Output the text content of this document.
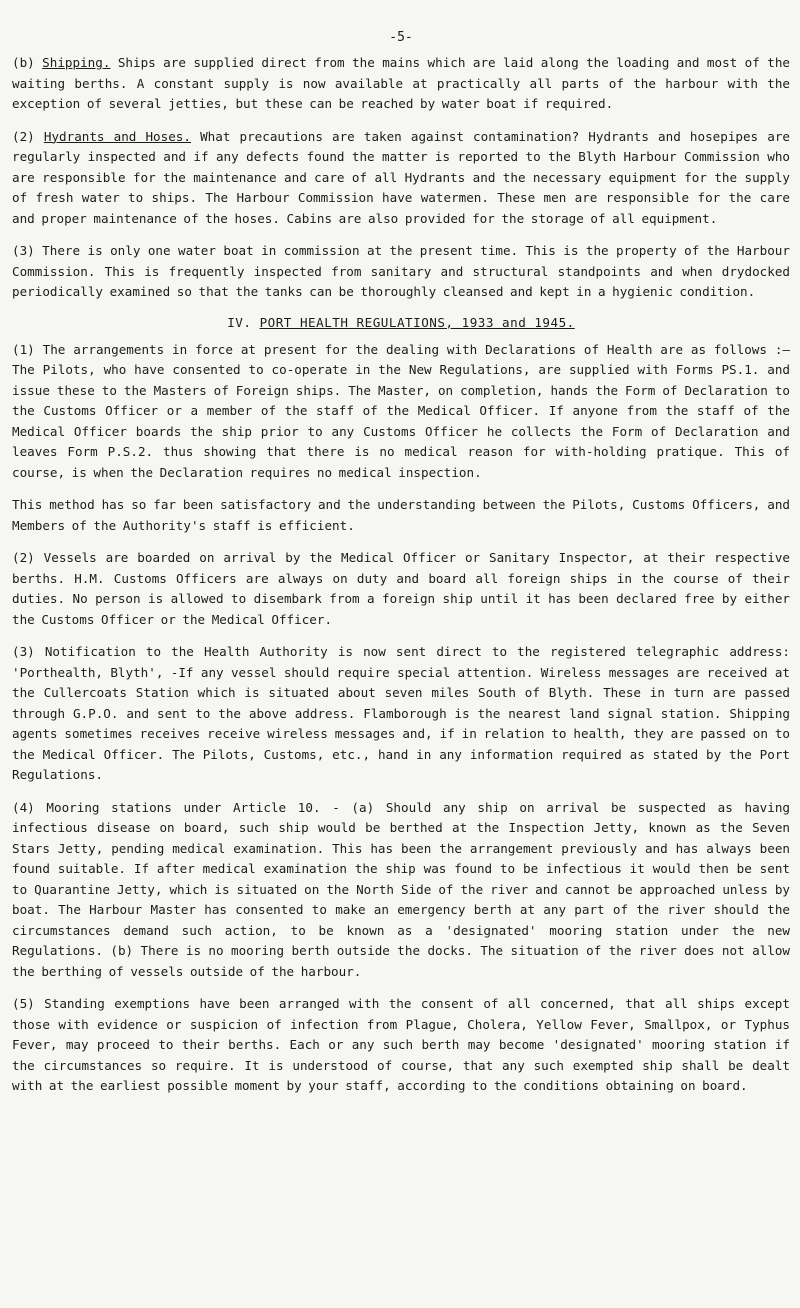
-5-

(b) Shipping. Ships are supplied direct from the mains which are laid along the loading and most of the waiting berths. A constant supply is now available at practically all parts of the harbour with the exception of several jetties, but these can be reached by water boat if required.

(2) Hydrants and Hoses. What precautions are taken against contamination? Hydrants and hosepipes are regularly inspected and if any defects found the matter is reported to the Blyth Harbour Commission who are responsible for the maintenance and care of all Hydrants and the necessary equipment for the supply of fresh water to ships. The Harbour Commission have watermen. These men are responsible for the care and proper maintenance of the hoses. Cabins are also provided for the storage of all equipment.

(3) There is only one water boat in commission at the present time. This is the property of the Harbour Commission. This is frequently inspected from sanitary and structural standpoints and when drydocked periodically examined so that the tanks can be thoroughly cleansed and kept in a hygienic condition.

IV. PORT HEALTH REGULATIONS, 1933 and 1945.

(1) The arrangements in force at present for the dealing with Declarations of Health are as follows :— The Pilots, who have consented to co-operate in the New Regulations, are supplied with Forms PS.1. and issue these to the Masters of Foreign ships. The Master, on completion, hands the Form of Declaration to the Customs Officer or a member of the staff of the Medical Officer. If anyone from the staff of the Medical Officer boards the ship prior to any Customs Officer he collects the Form of Declaration and leaves Form P.S.2. thus showing that there is no medical reason for with-holding pratique. This of course, is when the Declaration requires no medical inspection.

This method has so far been satisfactory and the understanding between the Pilots, Customs Officers, and Members of the Authority's staff is efficient.

(2) Vessels are boarded on arrival by the Medical Officer or Sanitary Inspector, at their respective berths. H.M. Customs Officers are always on duty and board all foreign ships in the course of their duties. No person is allowed to disembark from a foreign ship until it has been declared free by either the Customs Officer or the Medical Officer.

(3) Notification to the Health Authority is now sent direct to the registered telegraphic address: 'Porthealth, Blyth', -If any vessel should require special attention. Wireless messages are received at the Cullercoats Station which is situated about seven miles South of Blyth. These in turn are passed through G.P.O. and sent to the above address. Flamborough is the nearest land signal station. Shipping agents sometimes receives receive wireless messages and, if in relation to health, they are passed on to the Medical Officer. The Pilots, Customs, etc., hand in any information required as stated by the Port Regulations.

(4) Mooring stations under Article 10. - (a) Should any ship on arrival be suspected as having infectious disease on board, such ship would be berthed at the Inspection Jetty, known as the Seven Stars Jetty, pending medical examination. This has been the arrangement previously and has always been found suitable. If after medical examination the ship was found to be infectious it would then be sent to Quarantine Jetty, which is situated on the North Side of the river and cannot be approached unless by boat. The Harbour Master has consented to make an emergency berth at any part of the river should the circumstances demand such action, to be known as a 'designated' mooring station under the new Regulations. (b) There is no mooring berth outside the docks. The situation of the river does not allow the berthing of vessels outside of the harbour.

(5) Standing exemptions have been arranged with the consent of all concerned, that all ships except those with evidence or suspicion of infection from Plague, Cholera, Yellow Fever, Smallpox, or Typhus Fever, may proceed to their berths. Each or any such berth may become 'designated' mooring station if the circumstances so require. It is understood of course, that any such exempted ship shall be dealt with at the earliest possible moment by your staff, according to the conditions obtaining on board.
